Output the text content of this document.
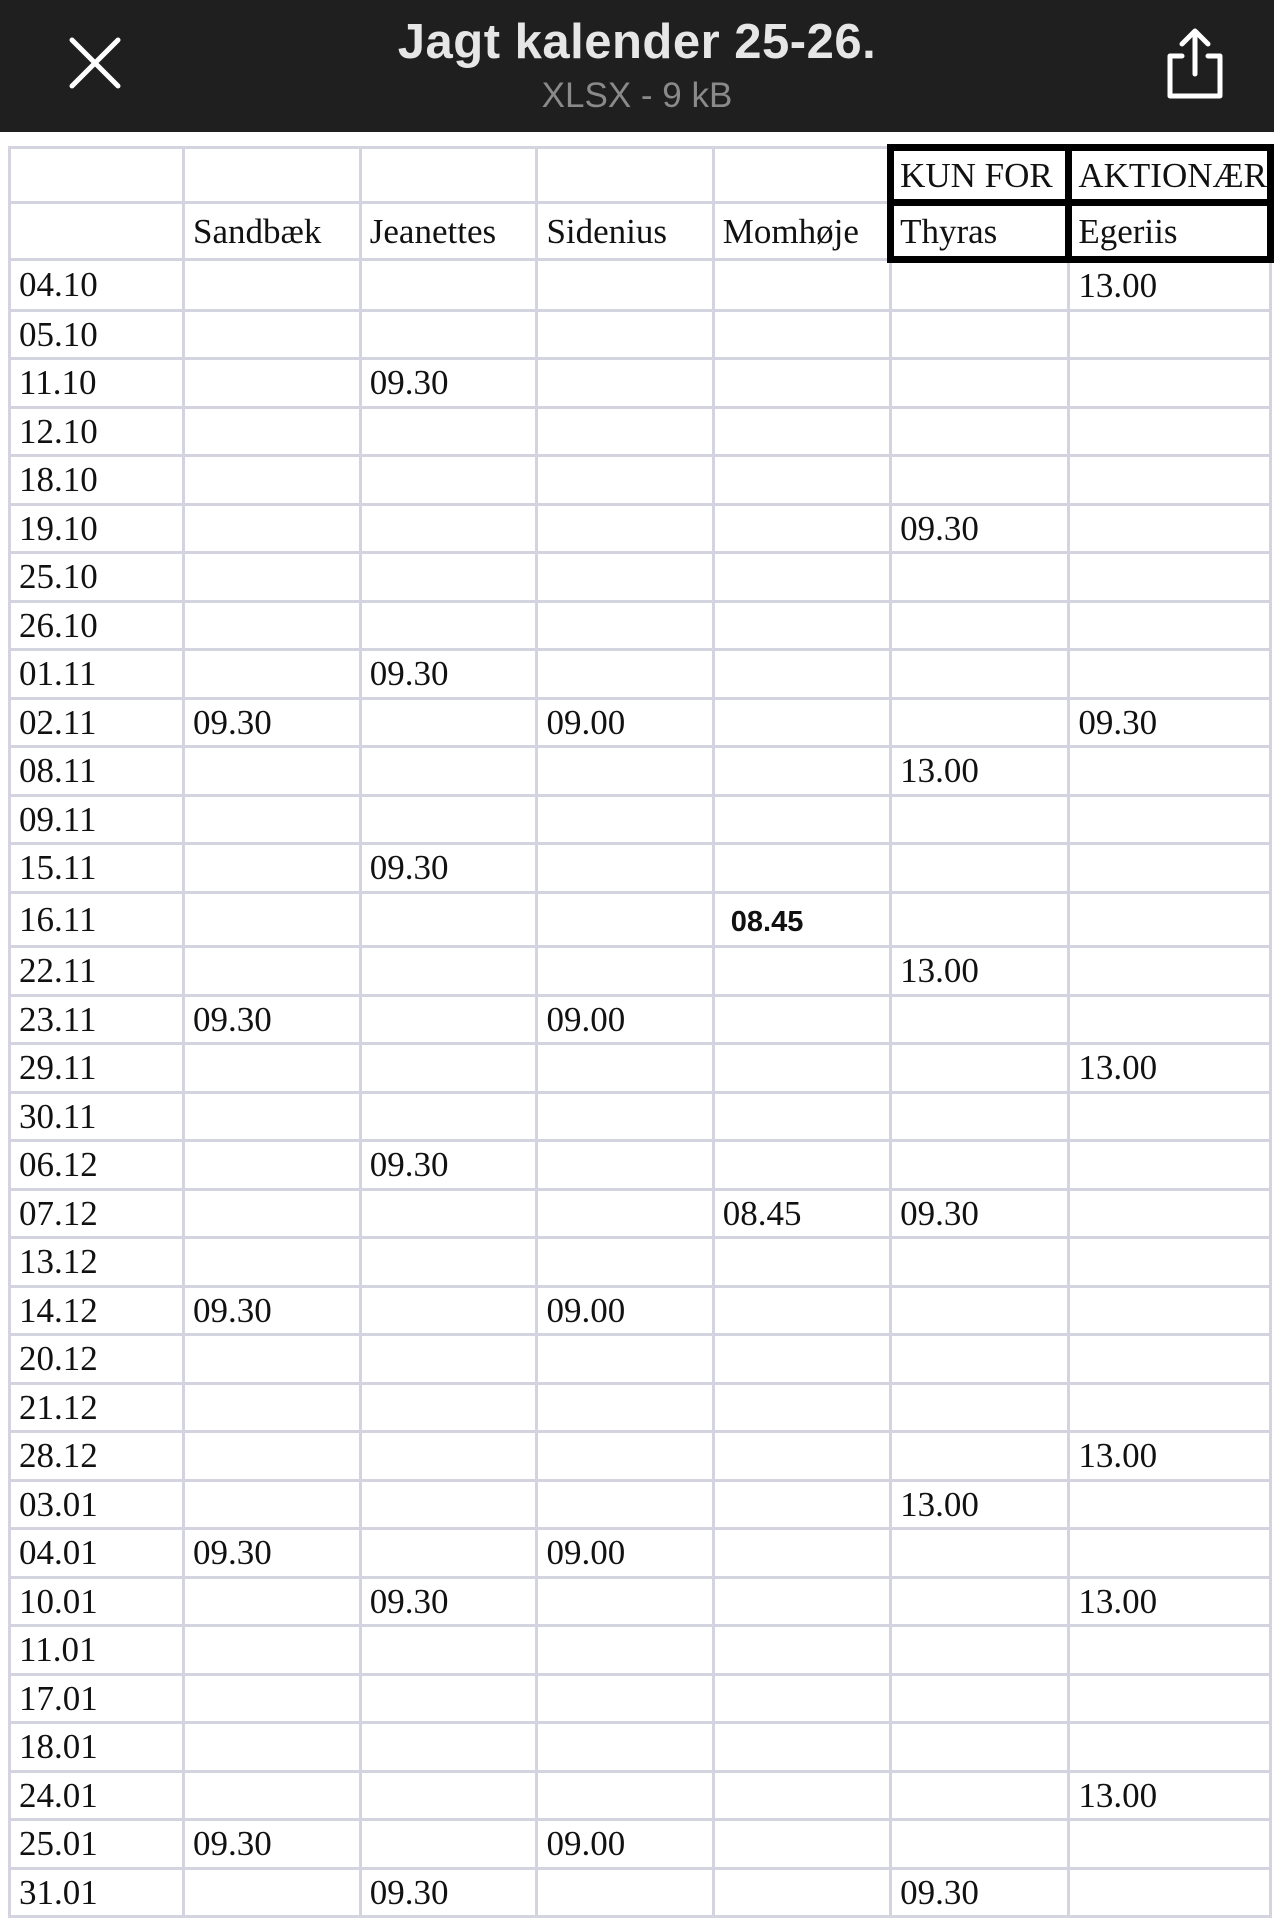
Jagt kalender 25-26.
XLSX - 9 kB
					KUN FOR	AKTIONÆR
	Sandbæk	Jeanettes	Sidenius	Momhøje	Thyras	Egeriis
04.10						13.00
05.10						
11.10		09.30				
12.10						
18.10						
19.10					09.30	
25.10						
26.10						
01.11		09.30				
02.11	09.30		09.00			09.30
08.11					13.00	
09.11						
15.11		09.30				
16.11				08.45		
22.11					13.00	
23.11	09.30		09.00			
29.11						13.00
30.11						
06.12		09.30				
07.12				08.45	09.30	
13.12						
14.12	09.30		09.00			
20.12						
21.12						
28.12						13.00
03.01					13.00	
04.01	09.30		09.00			
10.01		09.30				13.00
11.01						
17.01						
18.01						
24.01						13.00
25.01	09.30		09.00			
31.01		09.30			09.30	
